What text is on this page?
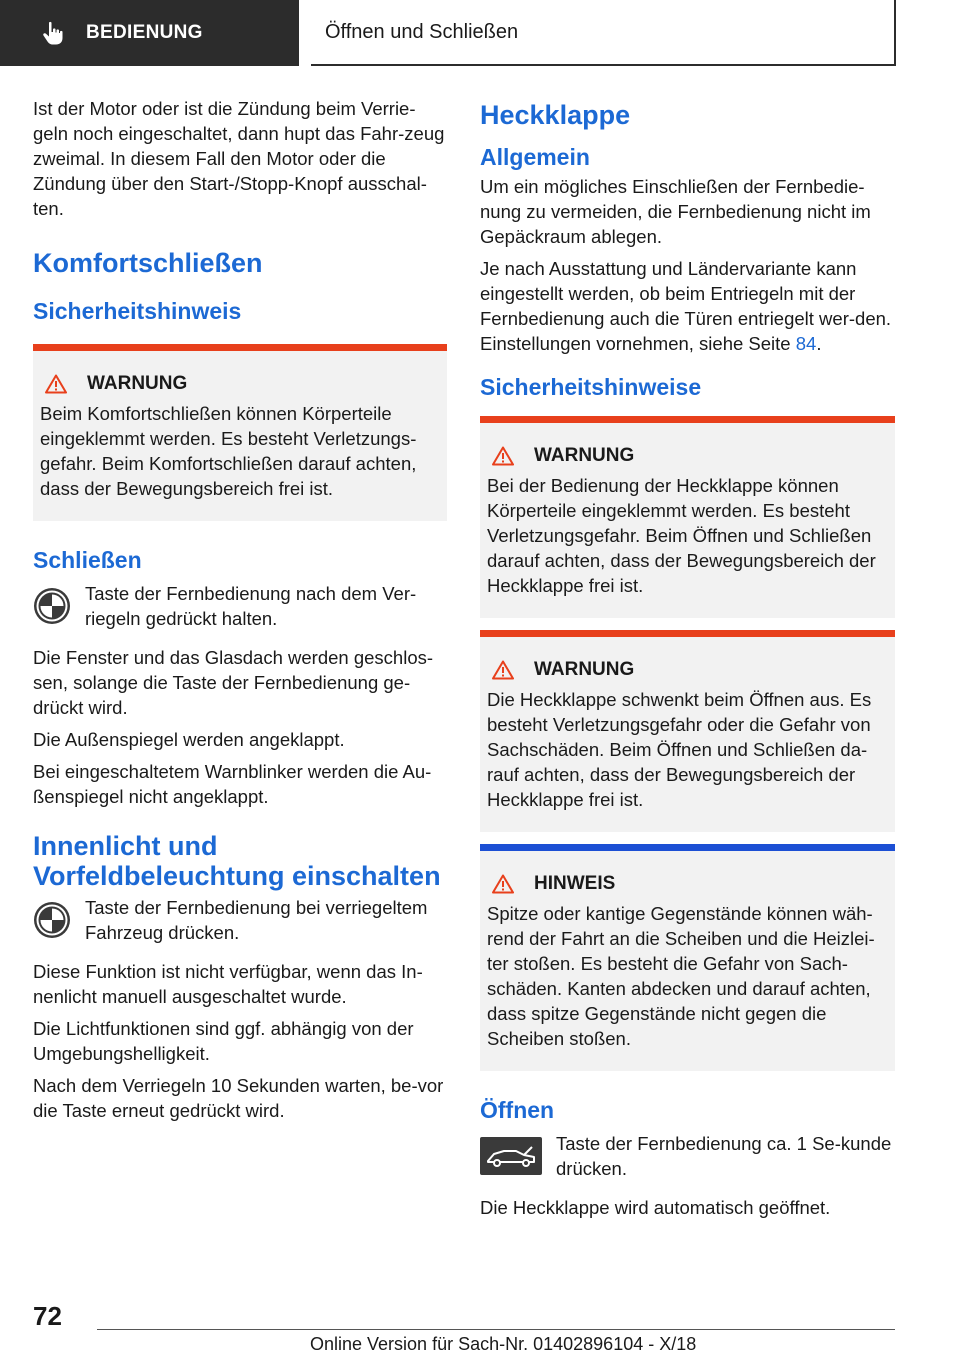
BEDIENUNG	Öffnen und Schließen

Ist der Motor oder ist die Zündung beim Verrie-geln noch eingeschaltet, dann hupt das Fahr-zeug zweimal. In diesem Fall den Motor oder die Zündung über den Start-/Stopp-Knopf ausschal-ten.

Komfortschließen
Sicherheitshinweis
WARNUNG

Beim Komfortschließen können Körperteile eingeklemmt werden. Es besteht Verletzungs-gefahr. Beim Komfortschließen darauf achten, dass der Bewegungsbereich frei ist.

Schließen

Taste der Fernbedienung nach dem Ver-riegeln gedrückt halten.

Die Fenster und das Glasdach werden geschlos-sen, solange die Taste der Fernbedienung ge-drückt wird.

Die Außenspiegel werden angeklappt.

Bei eingeschaltetem Warnblinker werden die Au-ßenspiegel nicht angeklappt.

Innenlicht und Vorfeldbeleuchtung einschalten

Taste der Fernbedienung bei verriegeltem Fahrzeug drücken.

Diese Funktion ist nicht verfügbar, wenn das In-nenlicht manuell ausgeschaltet wurde.

Die Lichtfunktionen sind ggf. abhängig von der Umgebungshelligkeit.

Nach dem Verriegeln 10 Sekunden warten, be-vor die Taste erneut gedrückt wird.

Heckklappe
Allgemein

Um ein mögliches Einschließen der Fernbedie-nung zu vermeiden, die Fernbedienung nicht im Gepäckraum ablegen.

Je nach Ausstattung und Ländervariante kann eingestellt werden, ob beim Entriegeln mit der Fernbedienung auch die Türen entriegelt wer-den. Einstellungen vornehmen, siehe Seite 84.

Sicherheitshinweise
WARNUNG

Bei der Bedienung der Heckklappe können Körperteile eingeklemmt werden. Es besteht Verletzungsgefahr. Beim Öffnen und Schließen darauf achten, dass der Bewegungsbereich der Heckklappe frei ist.

WARNUNG

Die Heckklappe schwenkt beim Öffnen aus. Es besteht Verletzungsgefahr oder die Gefahr von Sachschäden. Beim Öffnen und Schließen da-rauf achten, dass der Bewegungsbereich der Heckklappe frei ist.

HINWEIS

Spitze oder kantige Gegenstände können wäh-rend der Fahrt an die Scheiben und die Heizlei-ter stoßen. Es besteht die Gefahr von Sach-schäden. Kanten abdecken und darauf achten, dass spitze Gegenstände nicht gegen die Scheiben stoßen.

Öffnen

Taste der Fernbedienung ca. 1 Se-kunde drücken.

Die Heckklappe wird automatisch geöffnet.

72
Online Version für Sach-Nr. 01402896104 - X/18
